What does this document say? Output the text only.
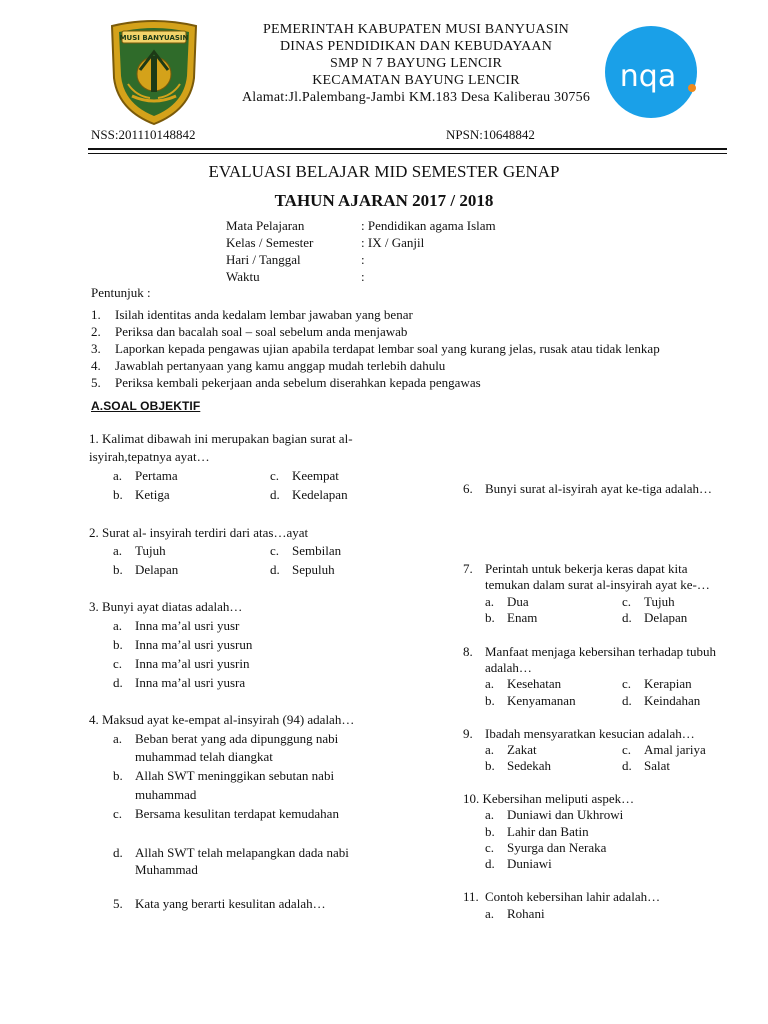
MUSI BANYUASIN
PEMERINTAH KABUPATEN MUSI BANYUASIN
DINAS PENDIDIKAN DAN KEBUDAYAAN
SMP N 7 BAYUNG LENCIR
KECAMATAN BAYUNG LENCIR
Alamat:Jl.Palembang-Jambi KM.183 Desa Kaliberau 30756
nqa
NSS:201110148842	NPSN:10648842
EVALUASI BELAJAR MID SEMESTER GENAP
TAHUN AJARAN 2017 / 2018
Mata Pelajaran	: Pendidikan agama Islam
Kelas / Semester	: IX / Ganjil
Hari / Tanggal	:
Waktu	:
Pentunjuk :
1. Isilah identitas anda kedalam lembar jawaban yang benar
2. Periksa dan bacalah soal – soal sebelum anda menjawab
3. Laporkan kepada pengawas ujian apabila terdapat lembar soal yang kurang jelas, rusak atau tidak lenkap
4. Jawablah pertanyaan yang kamu anggap mudah terlebih dahulu
5. Periksa kembali pekerjaan anda sebelum diserahkan kepada pengawas
A.SOAL OBJEKTIF
1. Kalimat dibawah ini merupakan bagian surat al-
isyirah,tepatnya ayat…
a. Pertama
b. Ketiga
c. Keempat
d. Kedelapan
2. Surat al- insyirah terdiri dari atas…ayat
a. Tujuh
b. Delapan
c. Sembilan
d. Sepuluh
3. Bunyi ayat diatas adalah…
a. Inna ma’al usri yusr
b. Inna ma’al usri yusrun
c. Inna ma’al usri yusrin
d. Inna ma’al usri yusra
4. Maksud ayat ke-empat al-insyirah (94) adalah…
a. Beban berat yang ada dipunggung nabi
muhammad telah diangkat
b. Allah SWT meninggikan sebutan nabi
muhammad
c. Bersama kesulitan terdapat kemudahan
d. Allah SWT telah melapangkan dada nabi
Muhammad
5. Kata yang berarti kesulitan adalah…
6. Bunyi surat al-isyirah ayat ke-tiga adalah…
7. Perintah untuk bekerja keras dapat kita
temukan dalam surat al-insyirah ayat ke-…
a. Dua
b. Enam
c. Tujuh
d. Delapan
8. Manfaat menjaga kebersihan terhadap tubuh
adalah…
a. Kesehatan
b. Kenyamanan
c. Kerapian
d. Keindahan
9. Ibadah mensyaratkan kesucian adalah…
a. Zakat
b. Sedekah
c. Amal jariya
d. Salat
10. Kebersihan meliputi aspek…
a. Duniawi dan Ukhrowi
b. Lahir dan Batin
c. Syurga dan Neraka
d. Duniawi
11. Contoh kebersihan lahir adalah…
a. Rohani
